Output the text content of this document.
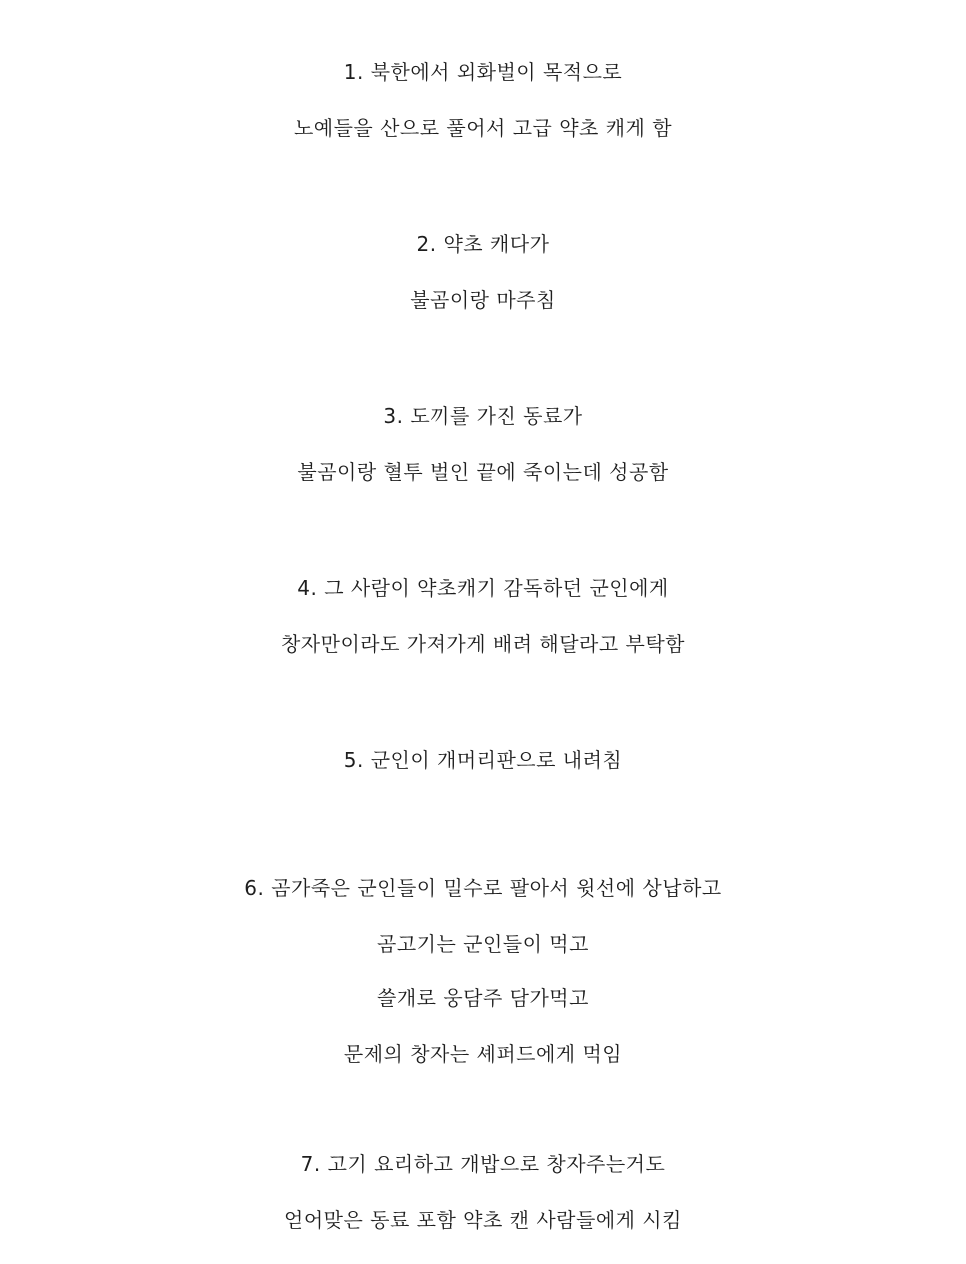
1. 북한에서 외화벌이 목적으로
노예들을 산으로 풀어서 고급 약초 캐게 함
2. 약초 캐다가
불곰이랑 마주침
3. 도끼를 가진 동료가
불곰이랑 혈투 벌인 끝에 죽이는데 성공함
4. 그 사람이 약초캐기 감독하던 군인에게
창자만이라도 가져가게 배려 해달라고 부탁함
5. 군인이 개머리판으로 내려침
6. 곰가죽은 군인들이 밀수로 팔아서 윗선에 상납하고
곰고기는 군인들이 먹고
쓸개로 웅담주 담가먹고
문제의 창자는 셰퍼드에게 먹임
7. 고기 요리하고 개밥으로 창자주는거도
얻어맞은 동료 포함 약초 캔 사람들에게 시킴
